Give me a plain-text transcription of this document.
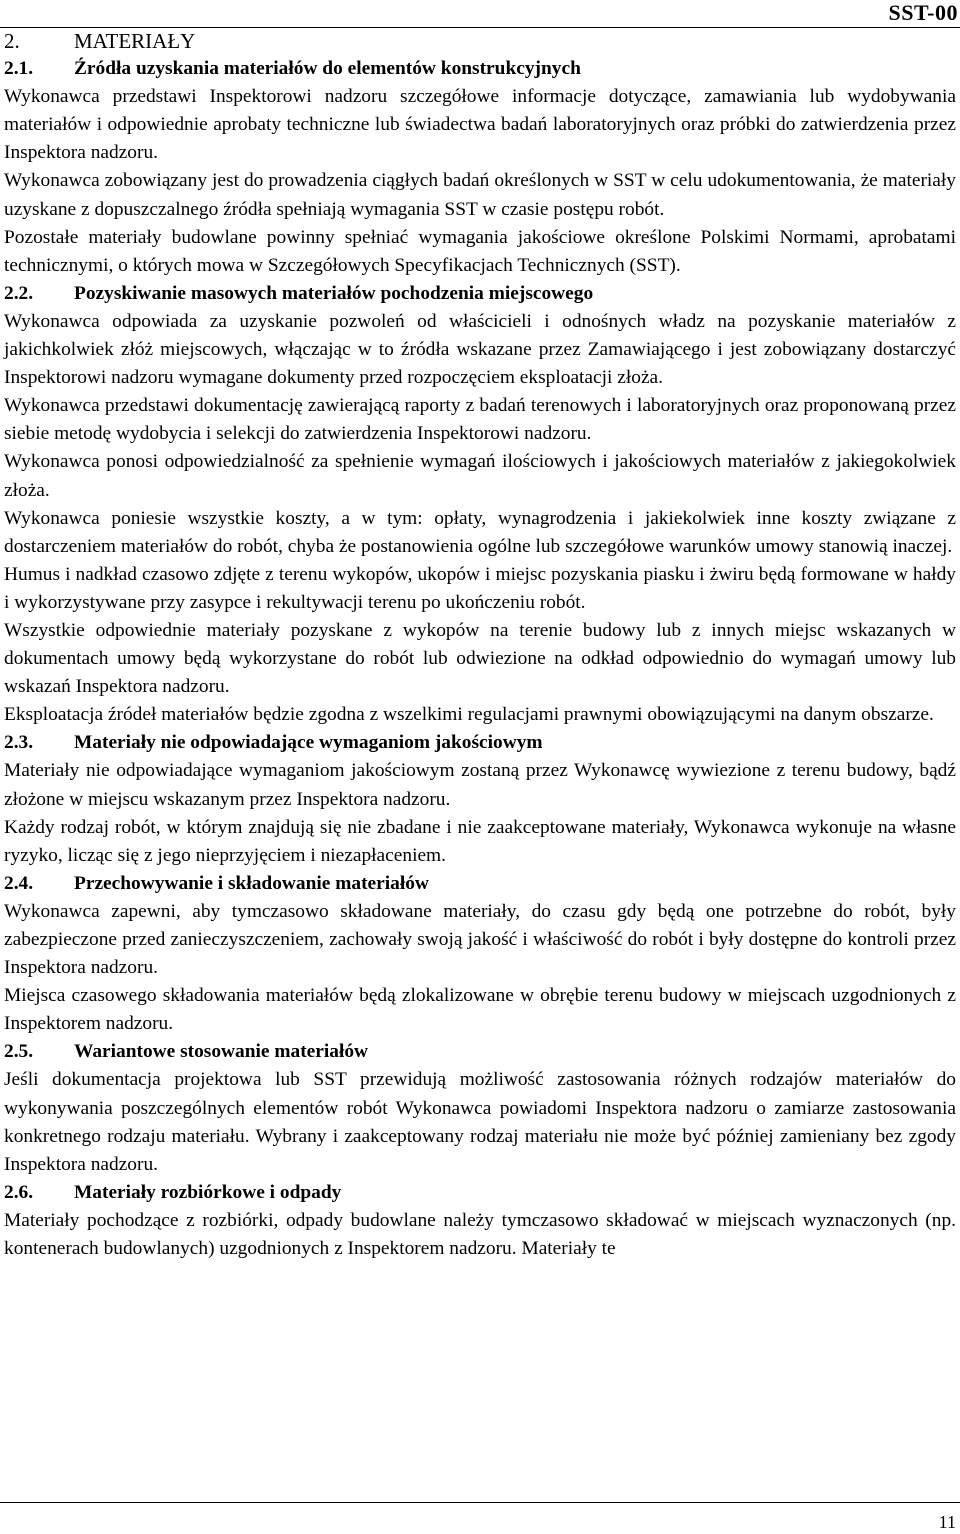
SST-00
2.	MATERIAŁY
2.1.	Źródła uzyskania materiałów do elementów konstrukcyjnych

Wykonawca przedstawi Inspektorowi nadzoru szczegółowe informacje dotyczące, zamawiania lub wydobywania materiałów i odpowiednie aprobaty techniczne lub świadectwa badań laboratoryjnych oraz próbki do zatwierdzenia przez Inspektora nadzoru.

Wykonawca zobowiązany jest do prowadzenia ciągłych badań określonych w SST w celu udokumentowania, że materiały uzyskane z dopuszczalnego źródła spełniają wymagania SST w czasie postępu robót.

Pozostałe materiały budowlane powinny spełniać wymagania jakościowe określone Polskimi Normami, aprobatami technicznymi, o których mowa w Szczegółowych Specyfikacjach Technicznych (SST).

2.2.	Pozyskiwanie masowych materiałów pochodzenia miejscowego

Wykonawca odpowiada za uzyskanie pozwoleń od właścicieli i odnośnych władz na pozyskanie materiałów z jakichkolwiek złóż miejscowych, włączając w to źródła wskazane przez Zamawiającego i jest zobowiązany dostarczyć Inspektorowi nadzoru wymagane dokumenty przed rozpoczęciem eksploatacji złoża.

Wykonawca przedstawi dokumentację zawierającą raporty z badań terenowych i laboratoryjnych oraz proponowaną przez siebie metodę wydobycia i selekcji do zatwierdzenia Inspektorowi nadzoru.

Wykonawca ponosi odpowiedzialność za spełnienie wymagań ilościowych i jakościowych materiałów z jakiegokolwiek złoża.

Wykonawca poniesie wszystkie koszty, a w tym: opłaty, wynagrodzenia i jakiekolwiek inne koszty związane z dostarczeniem materiałów do robót, chyba że postanowienia ogólne lub szczegółowe warunków umowy stanowią inaczej.

Humus i nadkład czasowo zdjęte z terenu wykopów, ukopów i miejsc pozyskania piasku i żwiru będą formowane w hałdy i wykorzystywane przy zasypce i rekultywacji terenu po ukończeniu robót.

Wszystkie odpowiednie materiały pozyskane z wykopów na terenie budowy lub z innych miejsc wskazanych w dokumentach umowy będą wykorzystane do robót lub odwiezione na odkład odpowiednio do wymagań umowy lub wskazań Inspektora nadzoru.

Eksploatacja źródeł materiałów będzie zgodna z wszelkimi regulacjami prawnymi obowiązującymi na danym obszarze.

2.3.	Materiały nie odpowiadające wymaganiom jakościowym

Materiały nie odpowiadające wymaganiom jakościowym zostaną przez Wykonawcę wywiezione z terenu budowy, bądź złożone w miejscu wskazanym przez Inspektora nadzoru.

Każdy rodzaj robót, w którym znajdują się nie zbadane i nie zaakceptowane materiały, Wykonawca wykonuje na własne ryzyko, licząc się z jego nieprzyjęciem i niezapłaceniem.

2.4.	Przechowywanie i składowanie materiałów

Wykonawca zapewni, aby tymczasowo składowane materiały, do czasu gdy będą one potrzebne do robót, były zabezpieczone przed zanieczyszczeniem, zachowały swoją jakość i właściwość do robót i były dostępne do kontroli przez Inspektora nadzoru.

Miejsca czasowego składowania materiałów będą zlokalizowane w obrębie terenu budowy w miejscach uzgodnionych z Inspektorem nadzoru.

2.5.	Wariantowe stosowanie materiałów

Jeśli dokumentacja projektowa lub SST przewidują możliwość zastosowania różnych rodzajów materiałów do wykonywania poszczególnych elementów robót Wykonawca powiadomi Inspektora nadzoru o zamiarze zastosowania konkretnego rodzaju materiału. Wybrany i zaakceptowany rodzaj materiału nie może być później zamieniany bez zgody Inspektora nadzoru.

2.6.	Materiały rozbiórkowe i odpady

Materiały pochodzące z rozbiórki, odpady budowlane należy tymczasowo składować w miejscach wyznaczonych (np. kontenerach budowlanych) uzgodnionych z Inspektorem nadzoru. Materiały te

11
